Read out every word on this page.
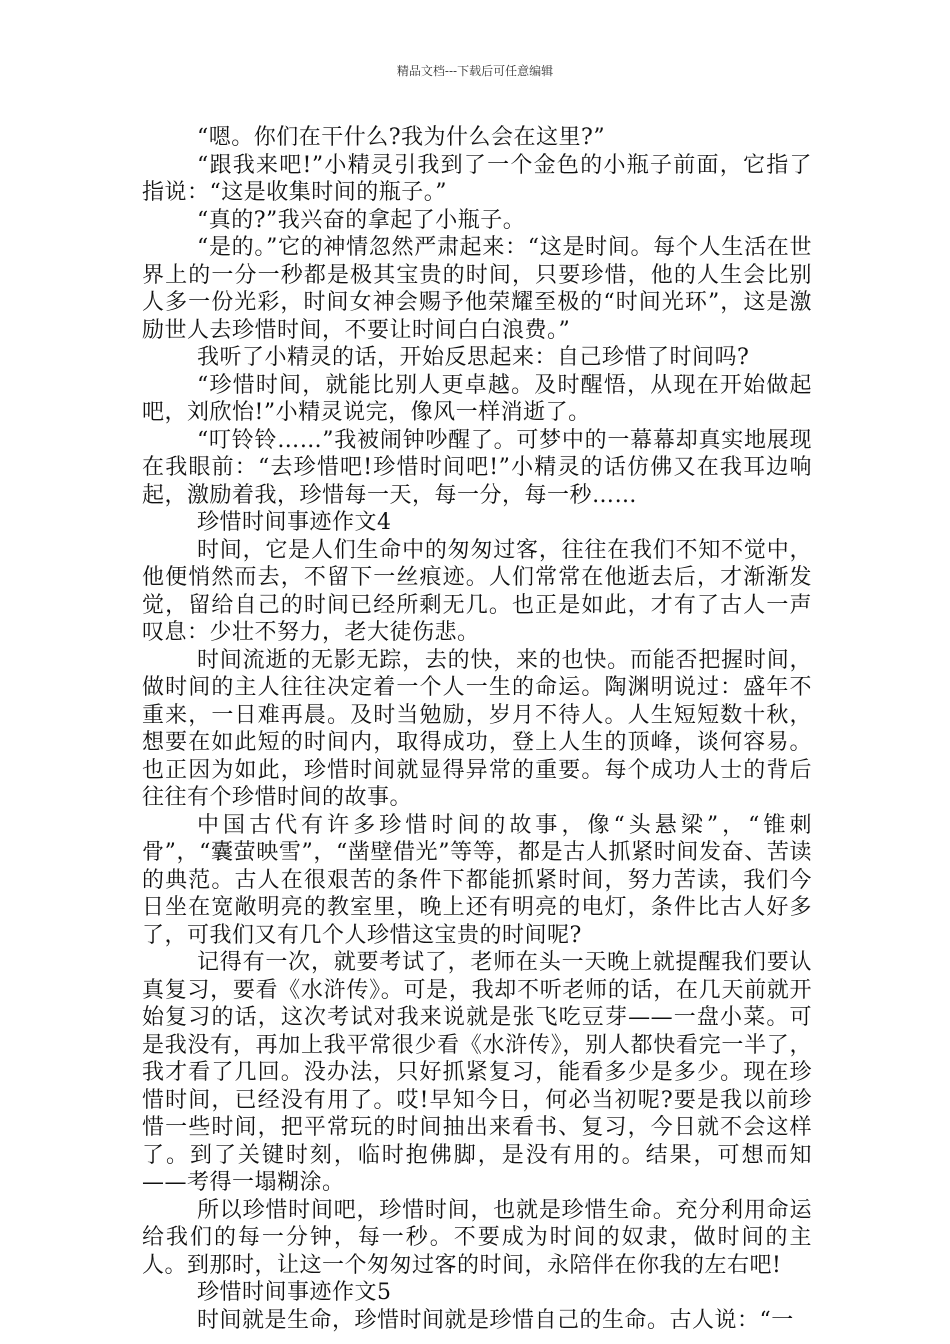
精品文档---下载后可任意编辑

“嗯。你们在干什么?我为什么会在这里?”

“跟我来吧!”小精灵引我到了一个金色的小瓶子前面，它指了指说：“这是收集时间的瓶子。”

“真的?”我兴奋的拿起了小瓶子。

“是的。”它的神情忽然严肃起来：“这是时间。每个人生活在世界上的一分一秒都是极其宝贵的时间，只要珍惜，他的人生会比别人多一份光彩，时间女神会赐予他荣耀至极的“时间光环”，这是激励世人去珍惜时间，不要让时间白白浪费。”

我听了小精灵的话，开始反思起来：自己珍惜了时间吗?

“珍惜时间，就能比别人更卓越。及时醒悟，从现在开始做起吧，刘欣怡!”小精灵说完，像风一样消逝了。

“叮铃铃……”我被闹钟吵醒了。可梦中的一幕幕却真实地展现在我眼前：“去珍惜吧!珍惜时间吧!”小精灵的话仿佛又在我耳边响起，激励着我，珍惜每一天，每一分，每一秒……

珍惜时间事迹作文4

时间，它是人们生命中的匆匆过客，往往在我们不知不觉中，他便悄然而去，不留下一丝痕迹。人们常常在他逝去后，才渐渐发觉，留给自己的时间已经所剩无几。也正是如此，才有了古人一声叹息：少壮不努力，老大徒伤悲。

时间流逝的无影无踪，去的快，来的也快。而能否把握时间，做时间的主人往往决定着一个人一生的命运。陶渊明说过：盛年不重来，一日难再晨。及时当勉励，岁月不待人。人生短短数十秋，想要在如此短的时间内，取得成功，登上人生的顶峰，谈何容易。也正因为如此，珍惜时间就显得异常的重要。每个成功人士的背后往往有个珍惜时间的故事。

中国古代有许多珍惜时间的故事，像“头悬梁”，“锥刺骨”，“囊萤映雪”，“凿壁借光”等等，都是古人抓紧时间发奋、苦读的典范。古人在很艰苦的条件下都能抓紧时间，努力苦读，我们今日坐在宽敞明亮的教室里，晚上还有明亮的电灯，条件比古人好多了，可我们又有几个人珍惜这宝贵的时间呢?

记得有一次，就要考试了，老师在头一天晚上就提醒我们要认真复习，要看《水浒传》。可是，我却不听老师的话，在几天前就开始复习的话，这次考试对我来说就是张飞吃豆芽——一盘小菜。可是我没有，再加上我平常很少看《水浒传》，别人都快看完一半了，我才看了几回。没办法，只好抓紧复习，能看多少是多少。现在珍惜时间，已经没有用了。哎!早知今日，何必当初呢?要是我以前珍惜一些时间，把平常玩的时间抽出来看书、复习，今日就不会这样了。到了关键时刻，临时抱佛脚，是没有用的。结果，可想而知——考得一塌糊涂。

所以珍惜时间吧，珍惜时间，也就是珍惜生命。充分利用命运给我们的每一分钟，每一秒。不要成为时间的奴隶，做时间的主人。到那时，让这一个匆匆过客的时间，永陪伴在你我的左右吧!

珍惜时间事迹作文5

时间就是生命，珍惜时间就是珍惜自己的生命。古人说：“一
